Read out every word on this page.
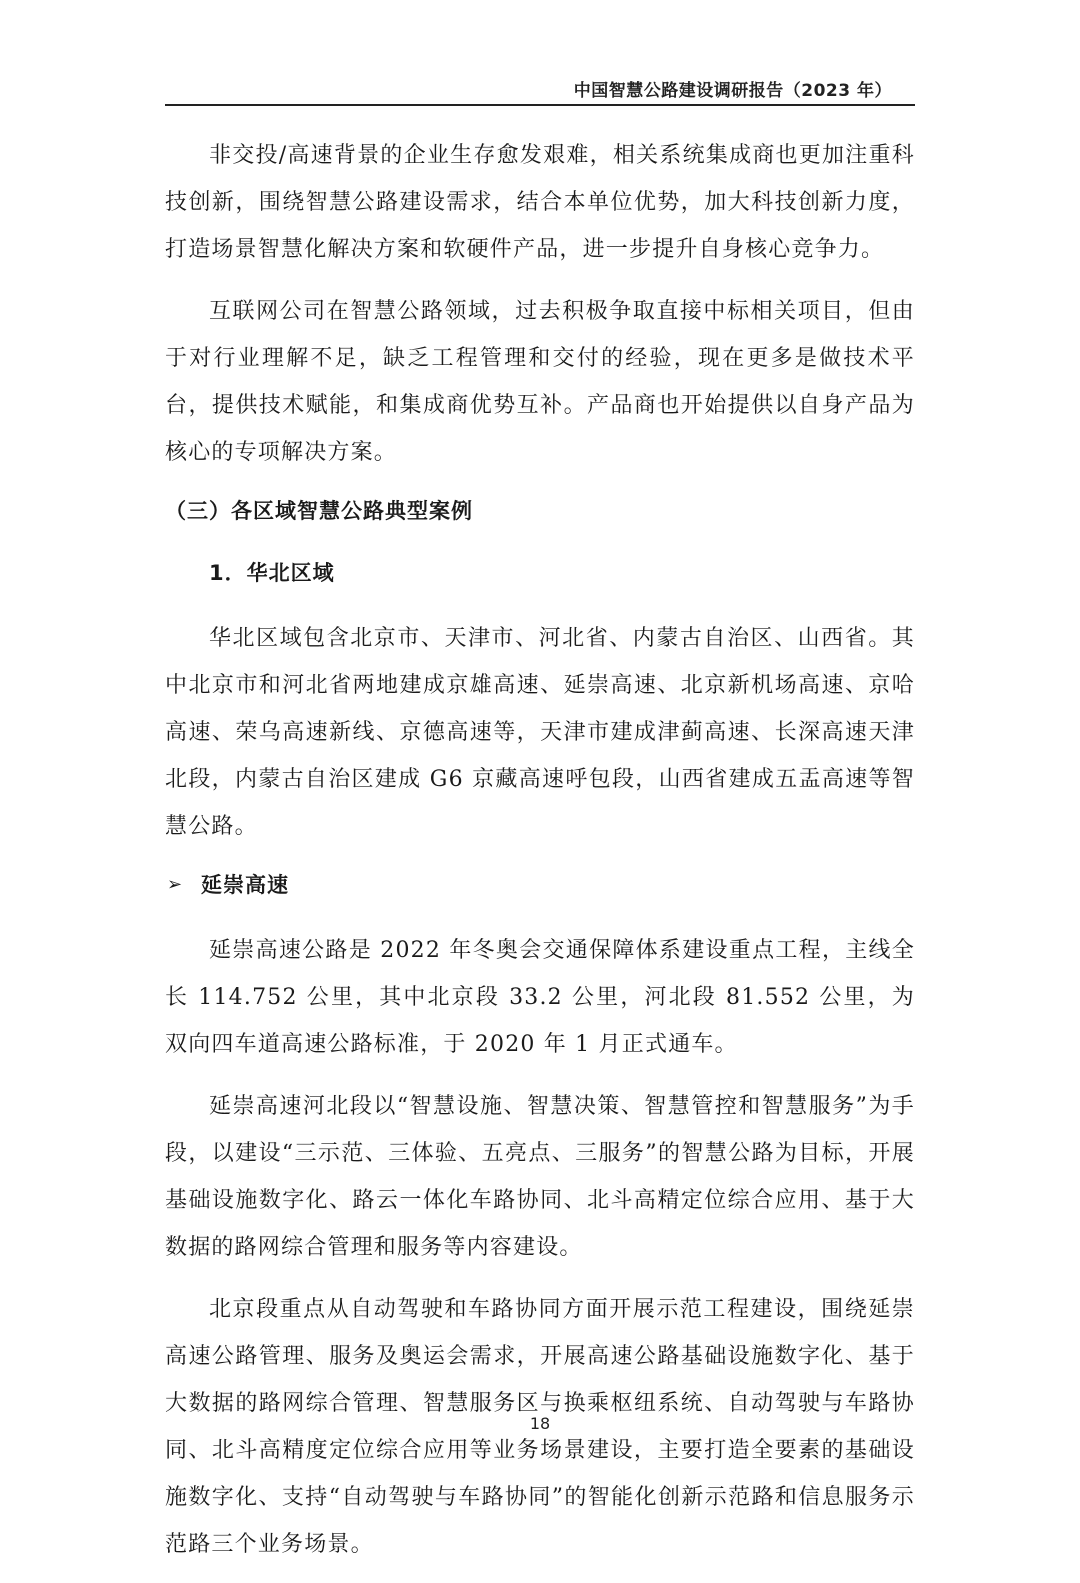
中国智慧公路建设调研报告（2023 年）

非交投/高速背景的企业生存愈发艰难，相关系统集成商也更加注重科技创新，围绕智慧公路建设需求，结合本单位优势，加大科技创新力度，打造场景智慧化解决方案和软硬件产品，进一步提升自身核心竞争力。

互联网公司在智慧公路领域，过去积极争取直接中标相关项目，但由于对行业理解不足，缺乏工程管理和交付的经验，现在更多是做技术平台，提供技术赋能，和集成商优势互补。产品商也开始提供以自身产品为核心的专项解决方案。

（三）各区域智慧公路典型案例
1．华北区域

华北区域包含北京市、天津市、河北省、内蒙古自治区、山西省。其中北京市和河北省两地建成京雄高速、延崇高速、北京新机场高速、京哈高速、荣乌高速新线、京德高速等，天津市建成津蓟高速、长深高速天津北段，内蒙古自治区建成 G6 京藏高速呼包段，山西省建成五盂高速等智慧公路。

➢ 延崇高速

延崇高速公路是 2022 年冬奥会交通保障体系建设重点工程，主线全长 114.752 公里，其中北京段 33.2 公里，河北段 81.552 公里，为双向四车道高速公路标准，于 2020 年 1 月正式通车。

延崇高速河北段以“智慧设施、智慧决策、智慧管控和智慧服务”为手段，以建设“三示范、三体验、五亮点、三服务”的智慧公路为目标，开展基础设施数字化、路云一体化车路协同、北斗高精定位综合应用、基于大数据的路网综合管理和服务等内容建设。

北京段重点从自动驾驶和车路协同方面开展示范工程建设，围绕延崇高速公路管理、服务及奥运会需求，开展高速公路基础设施数字化、基于大数据的路网综合管理、智慧服务区与换乘枢纽系统、自动驾驶与车路协同、北斗高精度定位综合应用等业务场景建设，主要打造全要素的基础设施数字化、支持“自动驾驶与车路协同”的智能化创新示范路和信息服务示范路三个业务场景。

18
